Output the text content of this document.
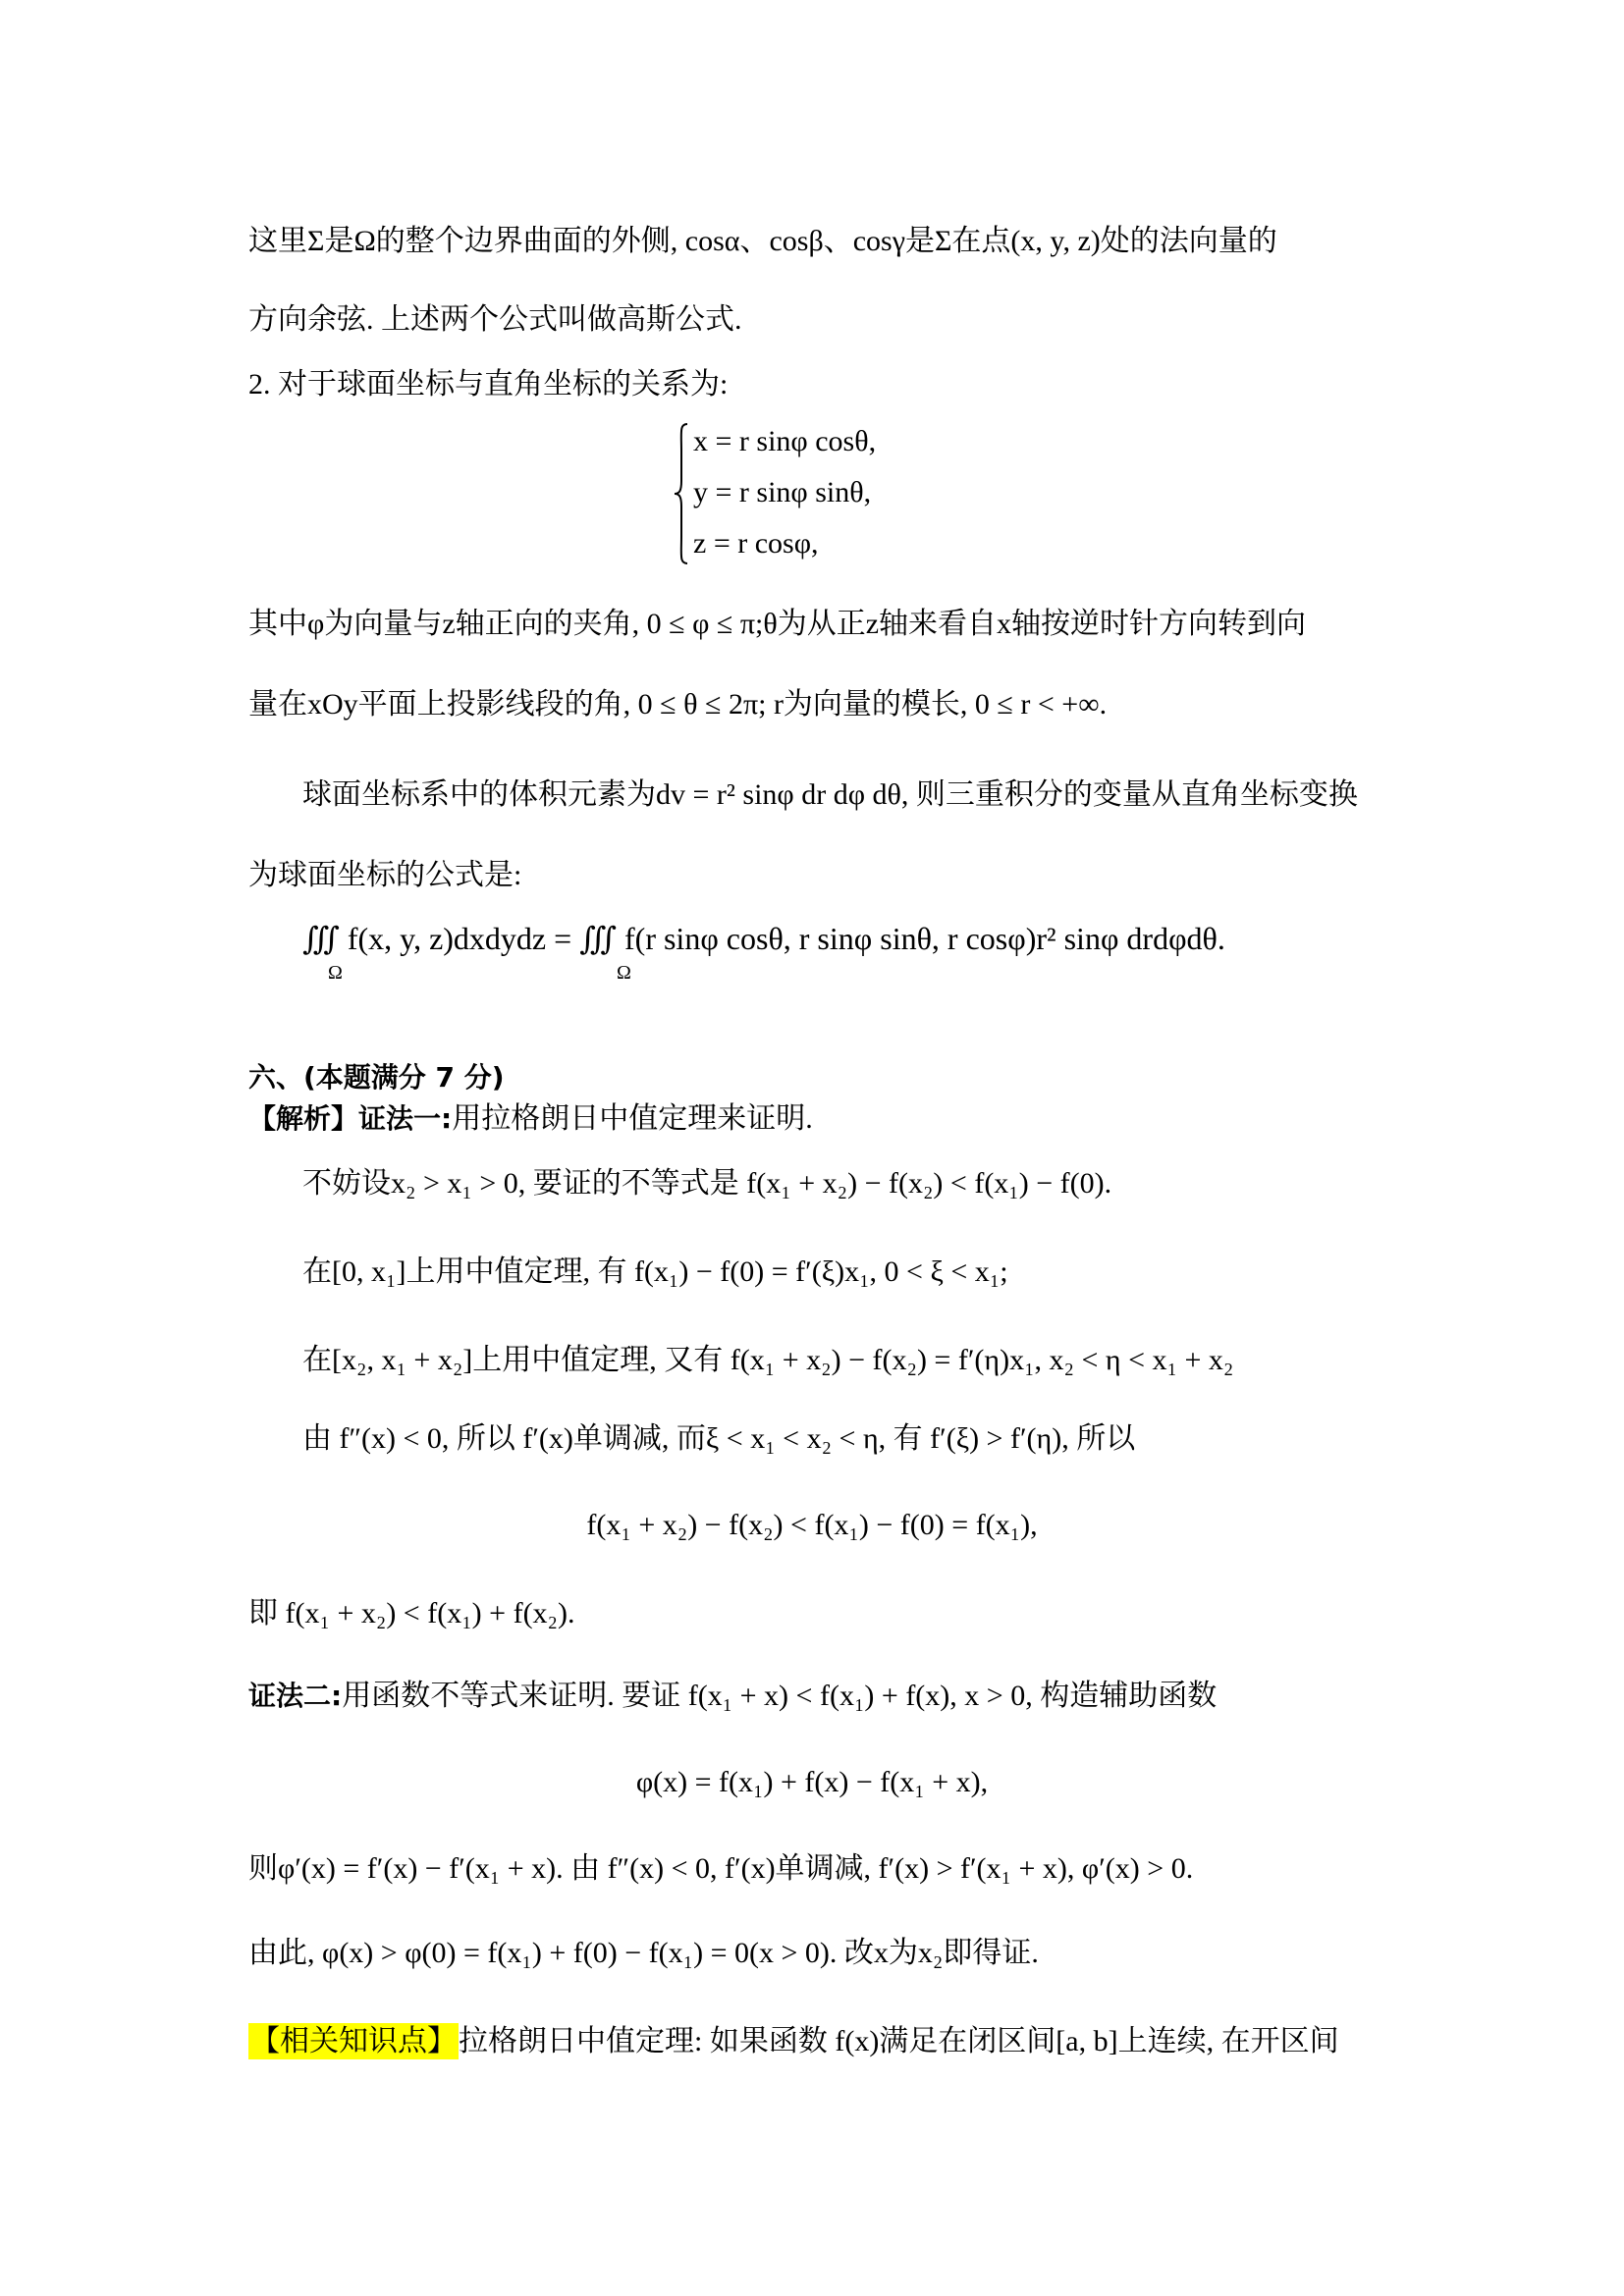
这里Σ是Ω的整个边界曲面的外侧, cosα、cosβ、cosγ是Σ在点(x, y, z)处的法向量的
方向余弦. 上述两个公式叫做高斯公式.
2. 对于球面坐标与直角坐标的关系为:
x = r sinφ cosθ,
y = r sinφ sinθ,
z = r cosφ,
其中φ为向量与z轴正向的夹角, 0 ≤ φ ≤ π;θ为从正z轴来看自x轴按逆时针方向转到向
量在xOy平面上投影线段的角, 0 ≤ θ ≤ 2π; r为向量的模长, 0 ≤ r < +∞.
球面坐标系中的体积元素为dv = r² sinφ dr dφ dθ, 则三重积分的变量从直角坐标变换
为球面坐标的公式是:
∭ f(x, y, z)dxdydz = ∭ f(r sinφ cosθ, r sinφ sinθ, r cosφ)r² sinφ drdφdθ.
Ω	Ω
六、(本题满分 7 分)
【解析】证法一:用拉格朗日中值定理来证明.
不妨设x₂ > x₁ > 0, 要证的不等式是 f(x₁ + x₂) − f(x₂) < f(x₁) − f(0).
在[0, x₁]上用中值定理, 有 f(x₁) − f(0) = f′(ξ)x₁, 0 < ξ < x₁;
在[x₂, x₁ + x₂]上用中值定理, 又有 f(x₁ + x₂) − f(x₂) = f′(η)x₁, x₂ < η < x₁ + x₂
由 f″(x) < 0, 所以 f′(x)单调减, 而ξ < x₁ < x₂ < η, 有 f′(ξ) > f′(η), 所以
f(x₁ + x₂) − f(x₂) < f(x₁) − f(0) = f(x₁),
即 f(x₁ + x₂) < f(x₁) + f(x₂).
证法二:用函数不等式来证明. 要证 f(x₁ + x) < f(x₁) + f(x), x > 0, 构造辅助函数
φ(x) = f(x₁) + f(x) − f(x₁ + x),
则φ′(x) = f′(x) − f′(x₁ + x). 由 f″(x) < 0, f′(x)单调减, f′(x) > f′(x₁ + x), φ′(x) > 0.
由此, φ(x) > φ(0) = f(x₁) + f(0) − f(x₁) = 0(x > 0). 改x为x₂即得证.
【相关知识点】拉格朗日中值定理: 如果函数 f(x)满足在闭区间[a, b]上连续, 在开区间
